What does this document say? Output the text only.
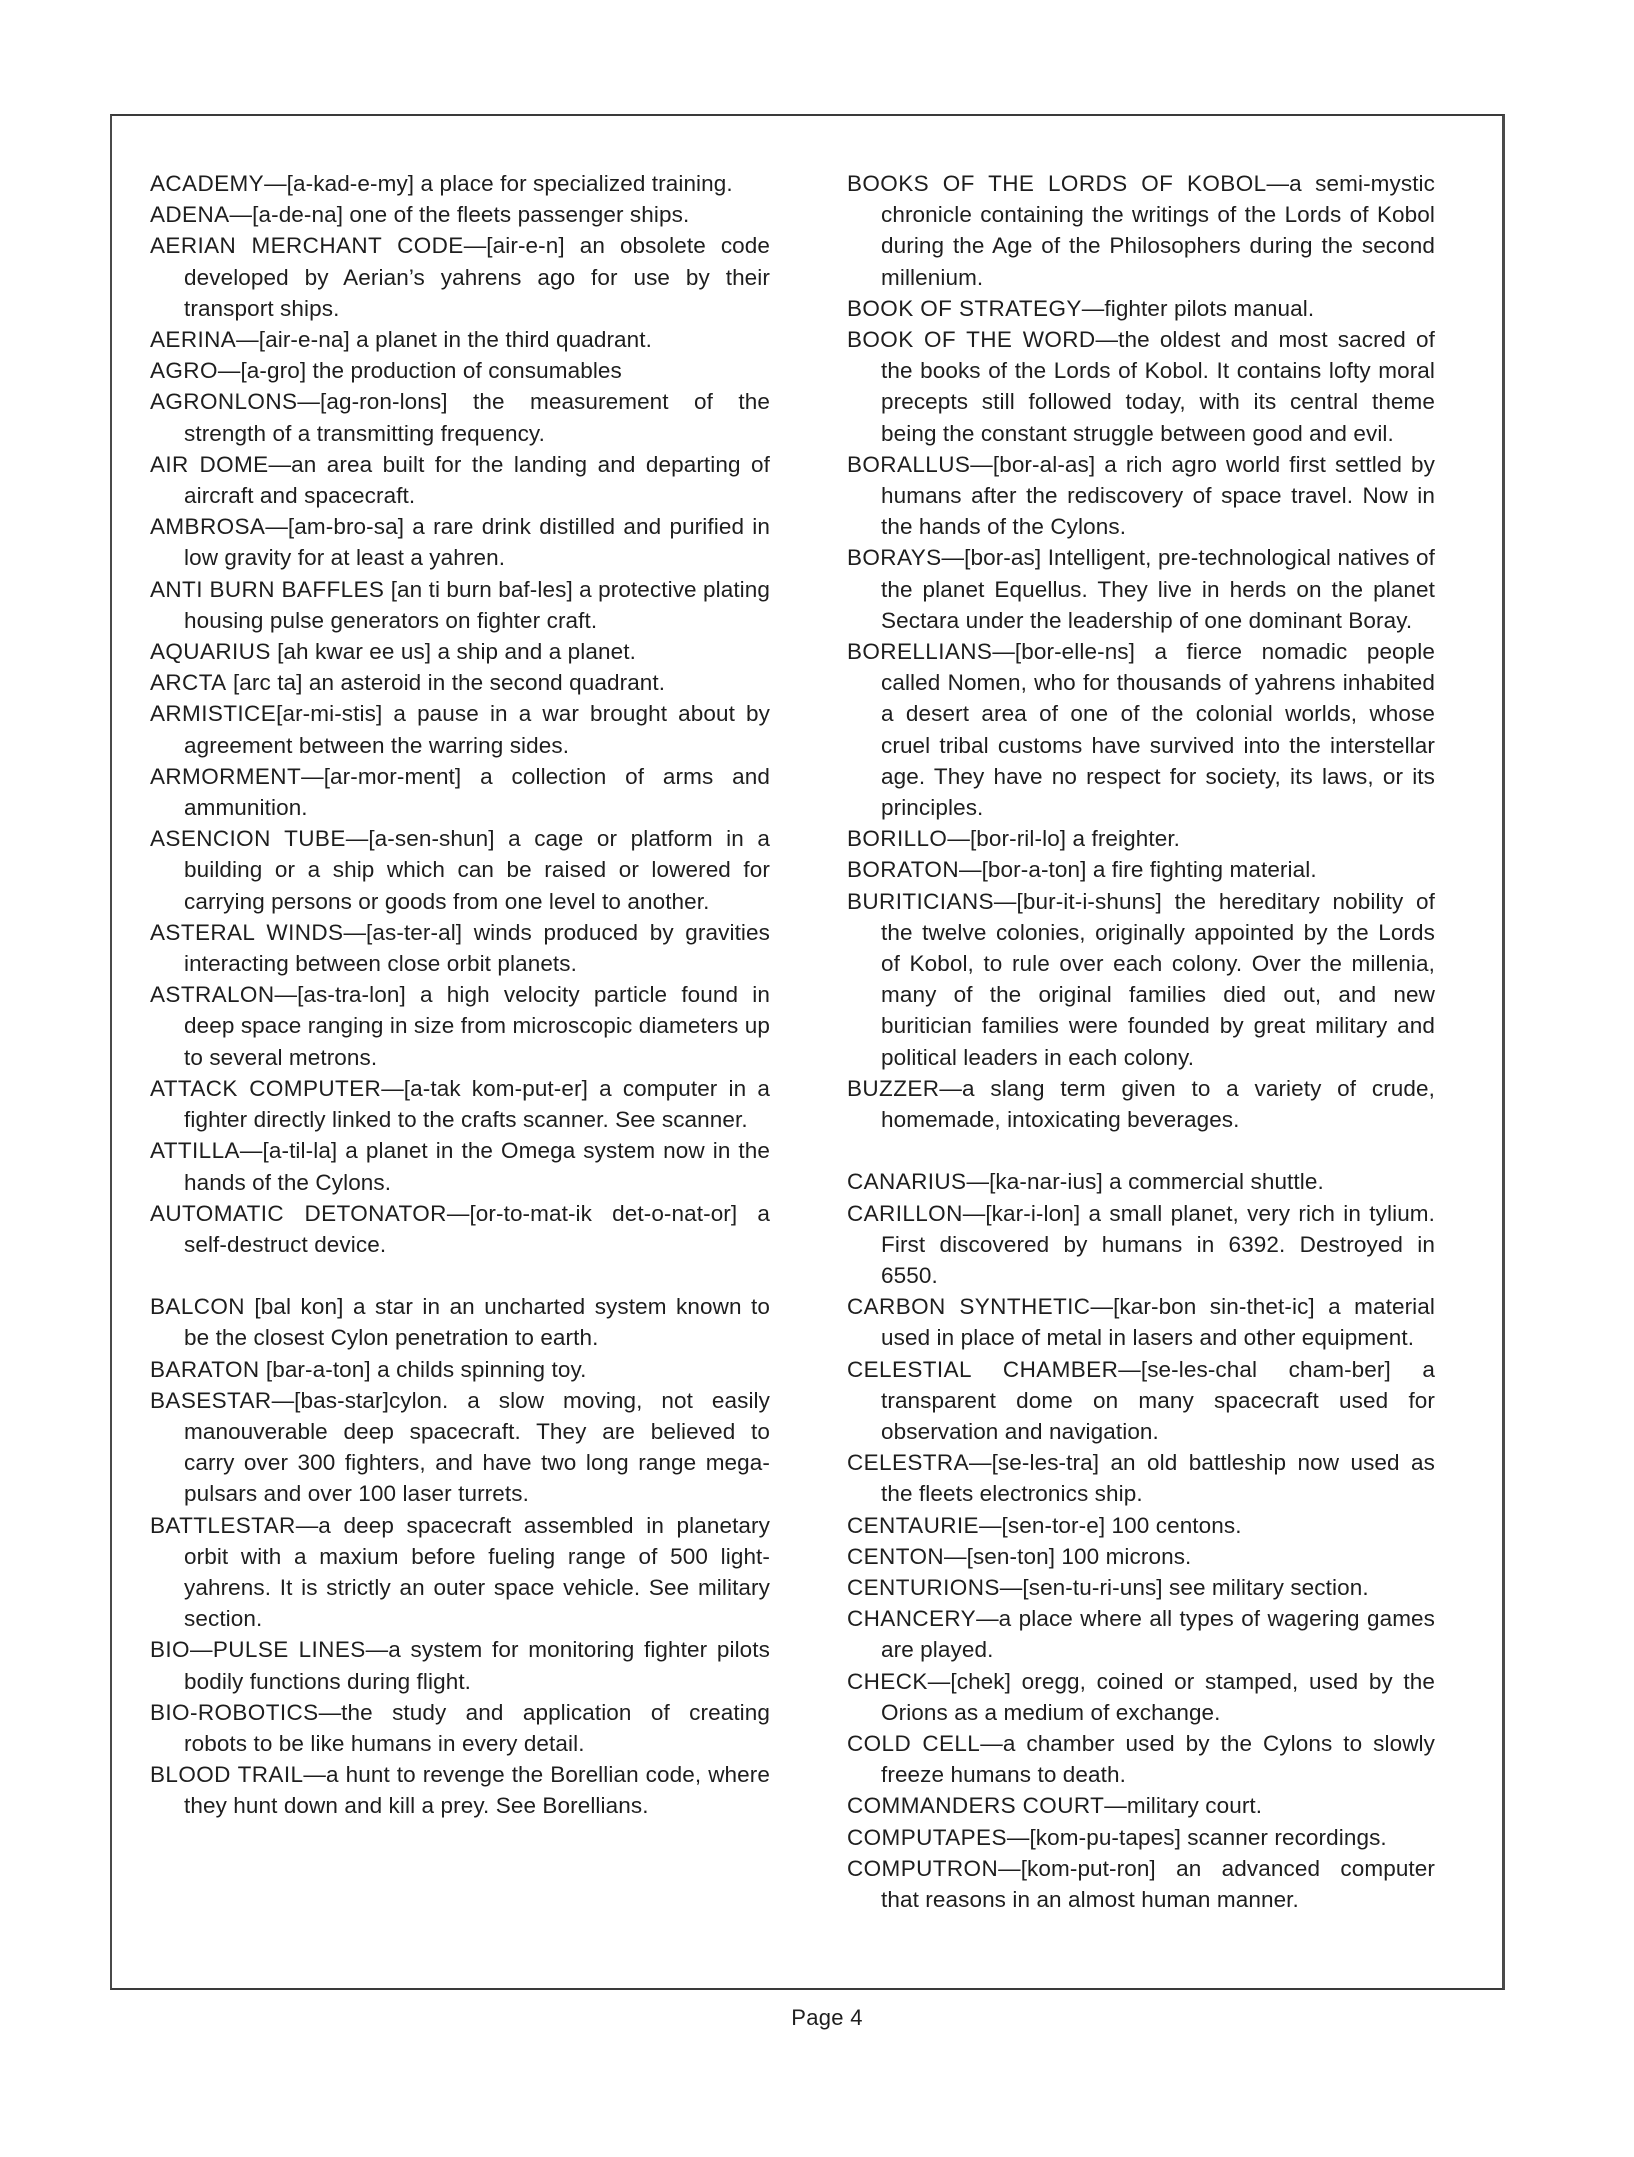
ACADEMY—[a-kad-e-my] a place for specialized training.

ADENA—[a-de-na] one of the fleets passenger ships.

AERIAN MERCHANT CODE—[air-e-n] an obsolete code developed by Aerian’s yahrens ago for use by their transport ships.

AERINA—[air-e-na] a planet in the third quadrant.

AGRO—[a-gro] the production of consumables

AGRONLONS—[ag-ron-lons] the measurement of the strength of a transmitting frequency.

AIR DOME—an area built for the landing and departing of aircraft and spacecraft.

AMBROSA—[am-bro-sa] a rare drink distilled and purified in low gravity for at least a yahren.

ANTI BURN BAFFLES [an ti burn baf-les] a protective plating housing pulse generators on fighter craft.

AQUARIUS [ah kwar ee us] a ship and a planet.

ARCTA [arc ta] an asteroid in the second quadrant.

ARMISTICE[ar-mi-stis] a pause in a war brought about by agreement between the warring sides.

ARMORMENT—[ar-mor-ment] a collection of arms and ammunition.

ASENCION TUBE—[a-sen-shun] a cage or platform in a building or a ship which can be raised or lowered for carrying persons or goods from one level to another.

ASTERAL WINDS—[as-ter-al] winds produced by gravities interacting between close orbit planets.

ASTRALON—[as-tra-lon] a high velocity particle found in deep space ranging in size from microscopic diameters up to several metrons.

ATTACK COMPUTER—[a-tak kom-put-er] a computer in a fighter directly linked to the crafts scanner. See scanner.

ATTILLA—[a-til-la] a planet in the Omega system now in the hands of the Cylons.

AUTOMATIC DETONATOR—[or-to-mat-ik det-o-nat-or] a self-destruct device.

BALCON [bal kon] a star in an uncharted system known to be the closest Cylon penetration to earth.

BARATON [bar-a-ton] a childs spinning toy.

BASESTAR—[bas-star]cylon. a slow moving, not easily manouverable deep spacecraft. They are believed to carry over 300 fighters, and have two long range mega-pulsars and over 100 laser turrets.

BATTLESTAR—a deep spacecraft assembled in planetary orbit with a maxium before fueling range of 500 light-yahrens. It is strictly an outer space vehicle. See military section.

BIO—PULSE LINES—a system for monitoring fighter pilots bodily functions during flight.

BIO-ROBOTICS—the study and application of creating robots to be like humans in every detail.

BLOOD TRAIL—a hunt to revenge the Borellian code, where they hunt down and kill a prey. See Borellians.

BOOKS OF THE LORDS OF KOBOL—a semi-mystic chronicle containing the writings of the Lords of Kobol during the Age of the Philosophers during the second millenium.

BOOK OF STRATEGY—fighter pilots manual.

BOOK OF THE WORD—the oldest and most sacred of the books of the Lords of Kobol. It contains lofty moral precepts still followed today, with its central theme being the constant struggle between good and evil.

BORALLUS—[bor-al-as] a rich agro world first settled by humans after the rediscovery of space travel. Now in the hands of the Cylons.

BORAYS—[bor-as] Intelligent, pre-technological natives of the planet Equellus. They live in herds on the planet Sectara under the leadership of one dominant Boray.

BORELLIANS—[bor-elle-ns] a fierce nomadic people called Nomen, who for thousands of yahrens inhabited a desert area of one of the colonial worlds, whose cruel tribal customs have survived into the interstellar age. They have no respect for society, its laws, or its principles.

BORILLO—[bor-ril-lo] a freighter.

BORATON—[bor-a-ton] a fire fighting material.

BURITICIANS—[bur-it-i-shuns] the hereditary nobility of the twelve colonies, originally appointed by the Lords of Kobol, to rule over each colony. Over the millenia, many of the original families died out, and new buritician families were founded by great military and political leaders in each colony.

BUZZER—a slang term given to a variety of crude, homemade, intoxicating beverages.

CANARIUS—[ka-nar-ius] a commercial shuttle.

CARILLON—[kar-i-lon] a small planet, very rich in tylium. First discovered by humans in 6392. Destroyed in 6550.

CARBON SYNTHETIC—[kar-bon sin-thet-ic] a material used in place of metal in lasers and other equipment.

CELESTIAL CHAMBER—[se-les-chal cham-ber] a transparent dome on many spacecraft used for observation and navigation.

CELESTRA—[se-les-tra] an old battleship now used as the fleets electronics ship.

CENTAURIE—[sen-tor-e] 100 centons.

CENTON—[sen-ton] 100 microns.

CENTURIONS—[sen-tu-ri-uns] see military section.

CHANCERY—a place where all types of wagering games are played.

CHECK—[chek] oregg, coined or stamped, used by the Orions as a medium of exchange.

COLD CELL—a chamber used by the Cylons to slowly freeze humans to death.

COMMANDERS COURT—military court.

COMPUTAPES—[kom-pu-tapes] scanner recordings.

COMPUTRON—[kom-put-ron] an advanced computer that reasons in an almost human manner.

Page 4
